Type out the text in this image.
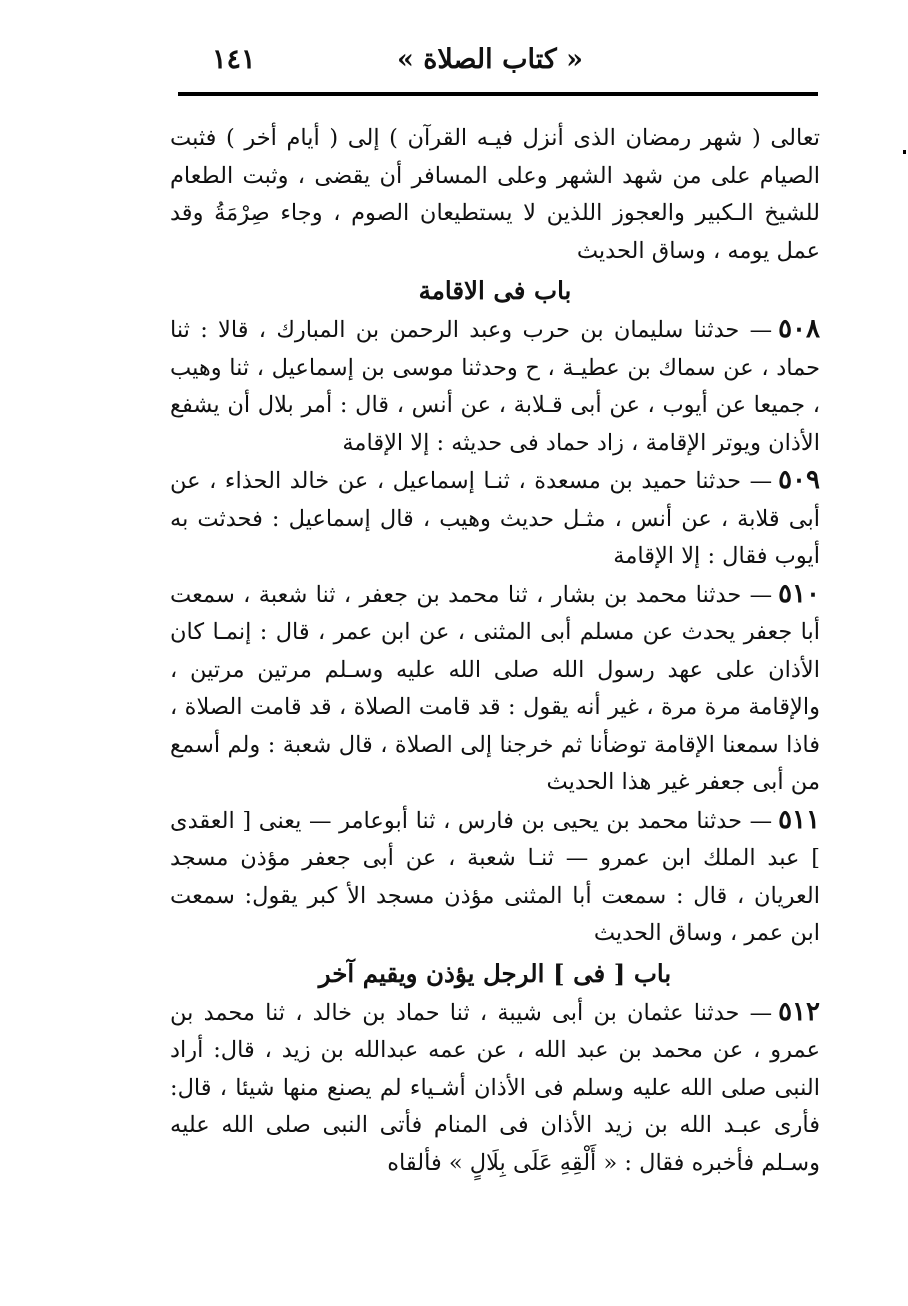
« كتاب الصلاة »
١٤١

تعالى ( شهر رمضان الذى أنزل فيـه القرآن ) إلى ( أيام أخر ) فثبت الصيام على من شهد الشهر وعلى المسافر أن يقضى ، وثبت الطعام للشيخ الـكبير والعجوز اللذين لا يستطيعان الصوم ، وجاء صِرْمَةُ وقد عمل يومه ، وساق الحديث

باب فى الاقامة

٥٠٨— حدثنا سليمان بن حرب وعبد الرحمن بن المبارك ، قالا : ثنا حماد ، عن سماك بن عطيـة ، ح وحدثنا موسى بن إسماعيل ، ثنا وهيب ، جميعا عن أيوب ، عن أبى قـلابة ، عن أنس ، قال : أمر بلال أن يشفع الأذان ويوتر الإقامة ، زاد حماد فى حديثه : إلا الإقامة

٥٠٩— حدثنا حميد بن مسعدة ، ثنـا إسماعيل ، عن خالد الحذاء ، عن أبى قلابة ، عن أنس ، مثـل حديث وهيب ، قال إسماعيل : فحدثت به أيوب فقال : إلا الإقامة

٥١٠— حدثنا محمد بن بشار ، ثنا محمد بن جعفر ، ثنا شعبة ، سمعت أبا جعفر يحدث عن مسلم أبى المثنى ، عن ابن عمر ، قال : إنمـا كان الأذان على عهد رسول الله صلى الله عليه وسـلم مرتين مرتين ، والإقامة مرة مرة ، غير أنه يقول : قد قامت الصلاة ، قد قامت الصلاة ، فاذا سمعنا الإقامة توضأنا ثم خرجنا إلى الصلاة ، قال شعبة : ولم أسمع من أبى جعفر غير هذا الحديث

٥١١— حدثنا محمد بن يحيى بن فارس ، ثنا أبوعامر — يعنى [ العقدى ] عبد الملك ابن عمرو — ثنـا شعبة ، عن أبى جعفر مؤذن مسجد العريان ، قال : سمعت أبا المثنى مؤذن مسجد الأ كبر يقول: سمعت ابن عمر ، وساق الحديث

باب [ فى ] الرجل يؤذن ويقيم آخر

٥١٢— حدثنا عثمان بن أبى شيبة ، ثنا حماد بن خالد ، ثنا محمد بن عمرو ، عن محمد بن عبد الله ، عن عمه عبدالله بن زيد ، قال: أراد النبى صلى الله عليه وسلم فى الأذان أشـياء لم يصنع منها شيئا ، قال: فأرى عبـد الله بن زيد الأذان فى المنام فأتى النبى صلى الله عليه وسـلم فأخبره فقال : « أَلْقِهِ عَلَى بِلَالٍ » فألقاه
